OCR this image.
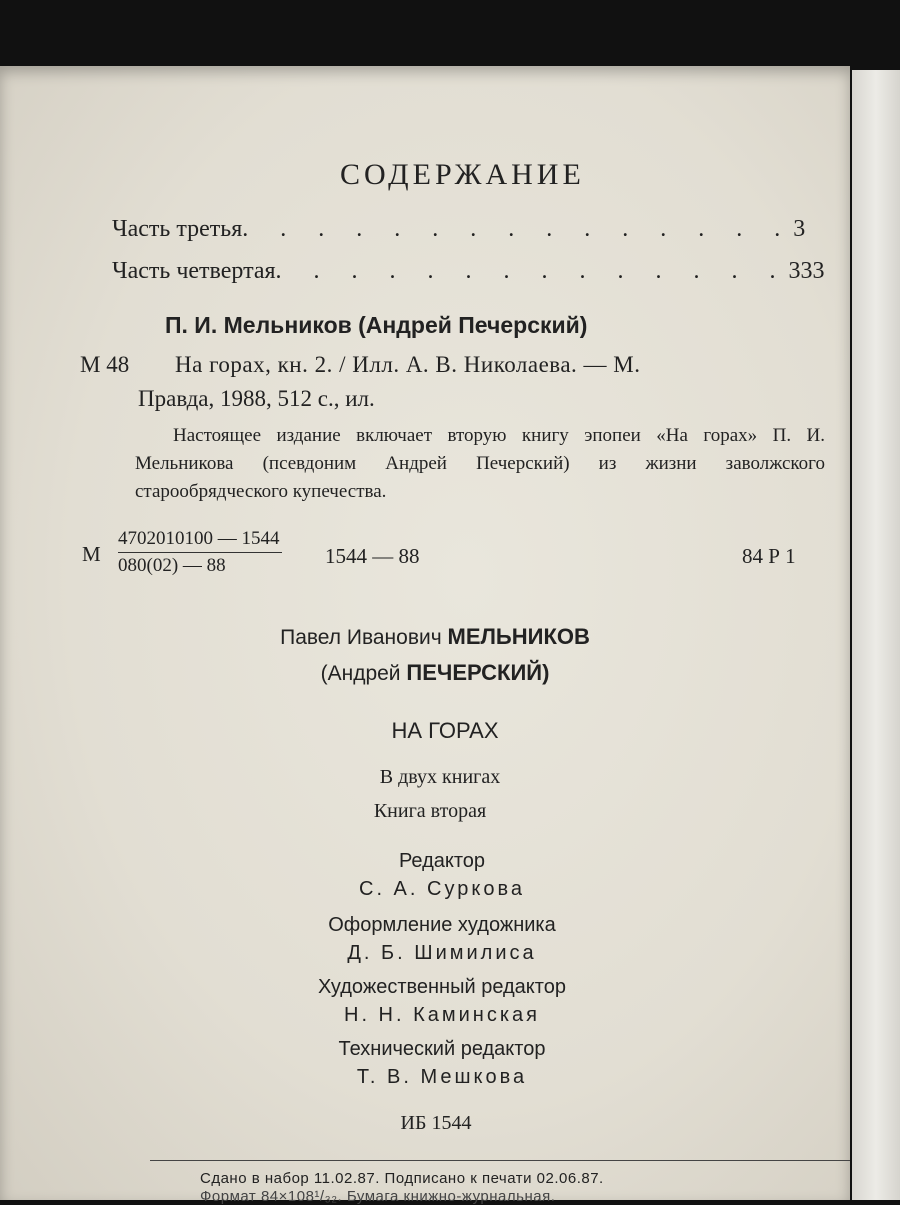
СОДЕРЖАНИЕ
Часть третья . . . . . . . . . . . . . . . 3
Часть четвертая . . . . . . . . . . . . . . 333
П. И. Мельников (Андрей Печерский)
М 48 На горах, кн. 2. / Илл. А. В. Николаева. — М.
Правда, 1988, 512 с., ил.

Настоящее издание включает вторую книгу эпопеи «На горах» П. И. Мельникова (псевдоним Андрей Печерский) из жизни заволжского старообрядческого купечества.

М $\frac{4702010100 — 1544}{080(02) — 88} 1544$ — 88	84 Р 1
Павел Иванович МЕЛЬНИКОВ
(Андрей ПЕЧЕРСКИЙ)
НА ГОРАХ
В двух книгах
Книга вторая
Редактор
С. А. Суркова
Оформление художника
Д. Б. Шимилиса
Художественный редактор
Н. Н. Каминская
Технический редактор
Т. В. Мешкова
ИБ 1544
Сдано в набор 11.02.87. Подписано к печати 02.06.87.
Формат 84×108¹/₃₂. Бумага книжно-журнальная.
